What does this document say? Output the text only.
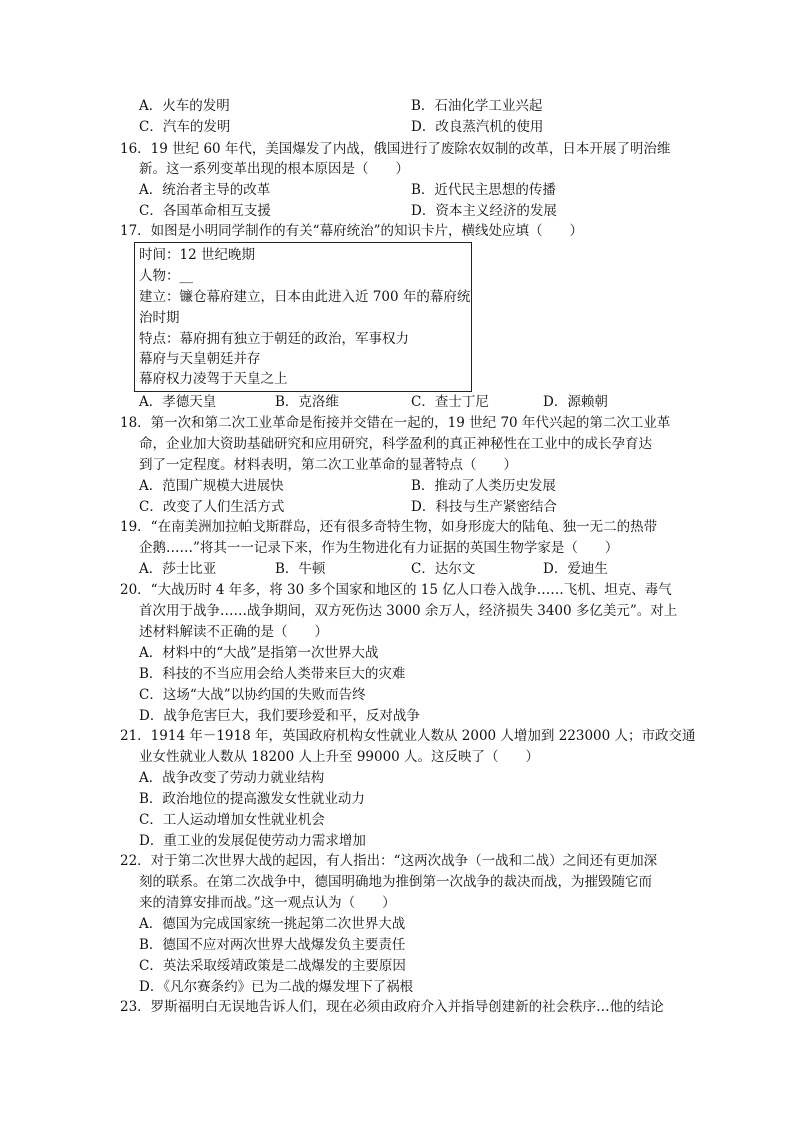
A．火车的发明	B．石油化学工业兴起
C．汽车的发明	D．改良蒸汽机的使用
16．19 世纪 60 年代，美国爆发了内战，俄国进行了废除农奴制的改革，日本开展了明治维
新。这一系列变革出现的根本原因是（　　）
A．统治者主导的改革	B．近代民主思想的传播
C．各国革命相互支援	D．资本主义经济的发展
17．如图是小明同学制作的有关“幕府统治”的知识卡片，横线处应填（　　）
时间：12 世纪晚期
人物：__
建立：镰仓幕府建立，日本由此进入近 700 年的幕府统
治时期
特点：幕府拥有独立于朝廷的政治，军事权力
幕府与天皇朝廷并存
幕府权力凌驾于天皇之上
A．孝德天皇	B．克洛维	C．查士丁尼	D．源赖朝
18．第一次和第二次工业革命是衔接并交错在一起的，19 世纪 70 年代兴起的第二次工业革
命，企业加大资助基础研究和应用研究，科学盈利的真正神秘性在工业中的成长孕育达
到了一定程度。材料表明，第二次工业革命的显著特点（　　）
A．范围广规模大进展快	B．推动了人类历史发展
C．改变了人们生活方式	D．科技与生产紧密结合
19．“在南美洲加拉帕戈斯群岛，还有很多奇特生物，如身形庞大的陆龟、独一无二的热带
企鹅……”将其一一记录下来，作为生物进化有力证据的英国生物学家是（　　）
A．莎士比亚	B．牛顿	C．达尔文	D．爱迪生
20．“大战历时 4 年多，将 30 多个国家和地区的 15 亿人口卷入战争……飞机、坦克、毒气
首次用于战争……战争期间，双方死伤达 3000 余万人，经济损失 3400 多亿美元”。对上
述材料解读不正确的是（　　）
A．材料中的“大战”是指第一次世界大战
B．科技的不当应用会给人类带来巨大的灾难
C．这场“大战”以协约国的失败而告终
D．战争危害巨大，我们要珍爱和平，反对战争
21．1914 年－1918 年，英国政府机构女性就业人数从 2000 人增加到 223000 人；市政交通
业女性就业人数从 18200 人上升至 99000 人。这反映了（　　）
A．战争改变了劳动力就业结构
B．政治地位的提高激发女性就业动力
C．工人运动增加女性就业机会
D．重工业的发展促使劳动力需求增加
22．对于第二次世界大战的起因，有人指出：“这两次战争（一战和二战）之间还有更加深
刻的联系。在第二次战争中，德国明确地为推倒第一次战争的裁决而战，为摧毁随它而
来的清算安排而战。”这一观点认为（　　）
A．德国为完成国家统一挑起第二次世界大战
B．德国不应对两次世界大战爆发负主要责任
C．英法采取绥靖政策是二战爆发的主要原因
D．《凡尔赛条约》已为二战的爆发埋下了祸根
23．罗斯福明白无误地告诉人们，现在必须由政府介入并指导创建新的社会秩序…他的结论
